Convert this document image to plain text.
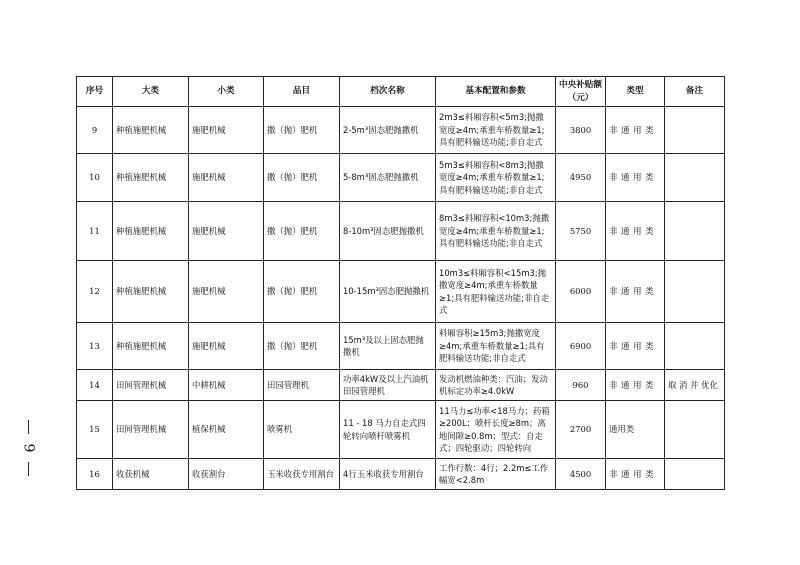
9
序号	大类	小类	品目	档次名称	基本配置和参数	中央补贴额（元）	类型	备注
9	种植施肥机械	施肥机械	撒（抛）肥机	2-5m³固态肥抛撒机	2m3≤料厢容积<5m3;抛撒宽度≥4m;承重车桥数量≥1;具有肥料输送功能;非自走式	3800	非 通 用 类	
10	种植施肥机械	施肥机械	撒（抛）肥机	5-8m³固态肥抛撒机	5m3≤料厢容积<8m3;抛撒宽度≥4m;承重车桥数量≥1;具有肥料输送功能;非自走式	4950	非 通 用 类	
11	种植施肥机械	施肥机械	撒（抛）肥机	8-10m³固态肥抛撒机	8m3≤料厢容积<10m3;抛撒宽度≥4m;承重车桥数量≥1;具有肥料输送功能;非自走式	5750	非 通 用 类	
12	种植施肥机械	施肥机械	撒（抛）肥机	10-15m³固态肥抛撒机	10m3≤料厢容积<15m3;抛撒宽度≥4m;承重车桥数量≥1;具有肥料输送功能;非自走式	6000	非 通 用 类	
13	种植施肥机械	施肥机械	撒（抛）肥机	15m³及以上固态肥抛撒机	料厢容积≥15m3;抛撒宽度≥4m;承重车桥数量≥1;具有肥料输送功能;非自走式	6900	非 通 用 类	
14	田间管理机械	中耕机械	田园管理机	功率4kW及以上汽油机田园管理机	发动机燃油种类：汽油；发动机标定功率≥4.0kW	960	非 通 用 类	取 消 并 优化
15	田间管理机械	植保机械	喷雾机	11 - 18 马力自走式四轮转向喷杆喷雾机	11马力≤功率<18马力；药箱≥200L；喷杆长度≥8m；离地间隙≥0.8m；型式：自走式；四轮驱动；四轮转向	2700	通用类	
16	收获机械	收获割台	玉米收获专用割台	4行玉米收获专用割台	工作行数：4行；2.2m≤工作幅宽<2.8m	4500	非 通 用 类	
